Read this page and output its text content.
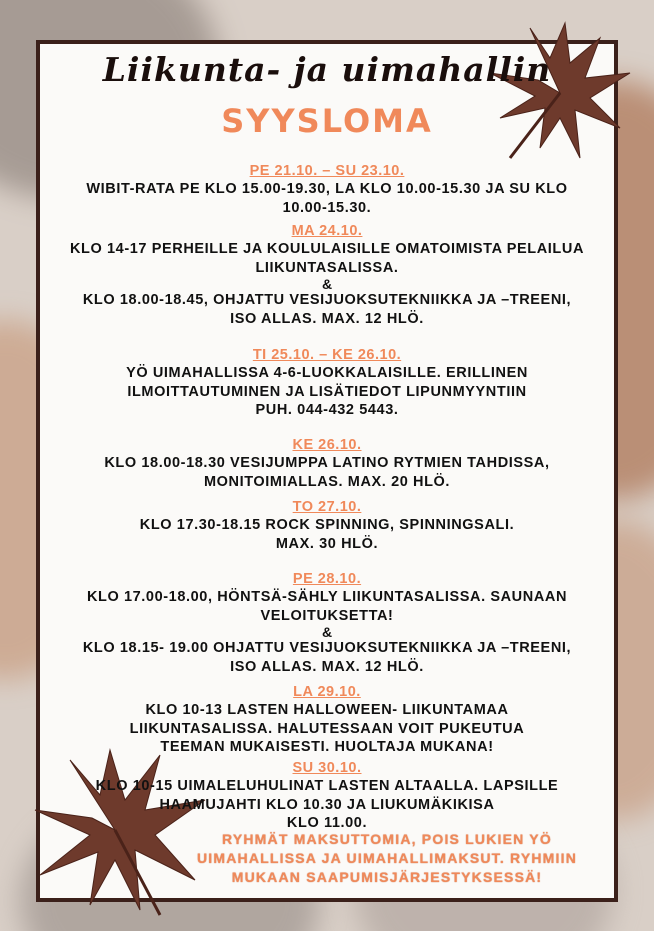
Liikunta- ja uimahallin
SYYSLOMA

PE 21.10. – SU 23.10.

WIBIT-RATA PE KLO 15.00-19.30, LA KLO 10.00-15.30 JA SU KLO

10.00-15.30.

MA 24.10.

KLO 14-17 PERHEILLE JA KOULULAISILLE OMATOIMISTA PELAILUA

LIIKUNTASALISSA.

&

KLO 18.00-18.45, OHJATTU VESIJUOKSUTEKNIIKKA JA –TREENI,

ISO ALLAS. MAX. 12 HLÖ.

TI 25.10. – KE 26.10.

YÖ UIMAHALLISSA 4-6-LUOKKALAISILLE. ERILLINEN

ILMOITTAUTUMINEN JA LISÄTIEDOT LIPUNMYYNTIIN

PUH. 044-432 5443.

KE 26.10.

KLO 18.00-18.30 VESIJUMPPA LATINO RYTMIEN TAHDISSA,

MONITOIMIALLAS. MAX. 20 HLÖ.

TO 27.10.

KLO 17.30-18.15 ROCK SPINNING, SPINNINGSALI.

MAX. 30 HLÖ.

PE 28.10.

KLO 17.00-18.00, HÖNTSÄ-SÄHLY LIIKUNTASALISSA. SAUNAAN

VELOITUKSETTA!

&

KLO 18.15- 19.00 OHJATTU VESIJUOKSUTEKNIIKKA JA –TREENI,

ISO ALLAS. MAX. 12 HLÖ.

LA 29.10.

KLO 10-13 LASTEN HALLOWEEN- LIIKUNTAMAA

LIIKUNTASALISSA. HALUTESSAAN VOIT PUKEUTUA

TEEMAN MUKAISESTI. HUOLTAJA MUKANA!

SU 30.10.

KLO 10-15 UIMALELUHULINAT LASTEN ALTAALLA. LAPSILLE

HAAMUJAHTI KLO 10.30 JA LIUKUMÄKIKISA

KLO 11.00.

RYHMÄT MAKSUTTOMIA, POIS LUKIEN YÖ
UIMAHALLISSA JA UIMAHALLIMAKSUT. RYHMIIN
MUKAAN SAAPUMISJÄRJESTYKSESSÄ!
